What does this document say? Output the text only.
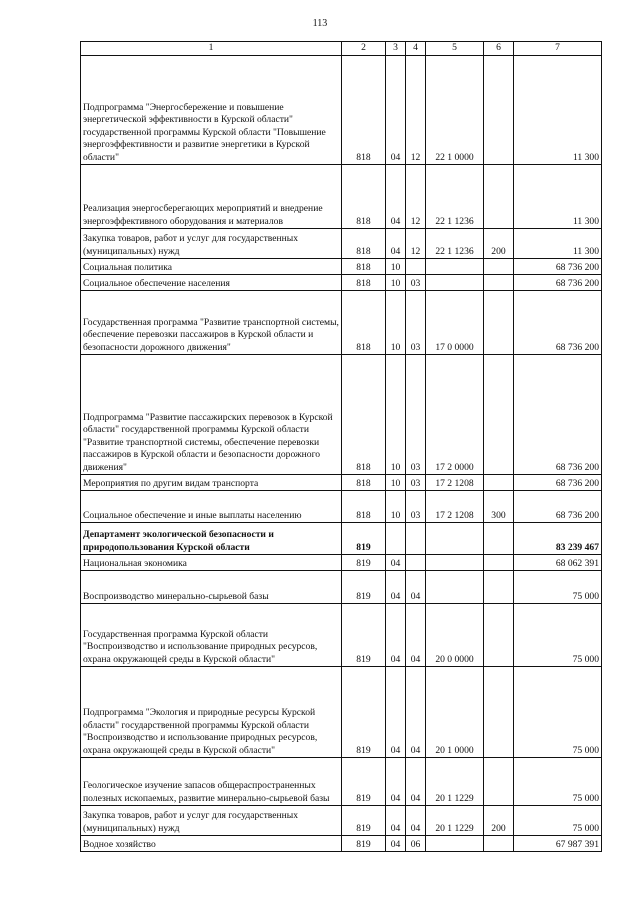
113
1	2	3	4	5	6	7
Подпрограмма "Энергосбережение и повышение энергетической эффективности в Курской области" государственной программы Курской области "Повышение энергоэффективности и развитие энергетики в Курской области"	818	04	12	22 1 0000		11 300
Реализация энергосберегающих мероприятий и внедрение энергоэффективного оборудования и материалов	818	04	12	22 1 1236		11 300
Закупка товаров, работ и услуг для государственных (муниципальных) нужд	818	04	12	22 1 1236	200	11 300
Социальная политика	818	10				68 736 200
Социальное обеспечение населения	818	10	03			68 736 200
Государственная программа "Развитие транспортной системы, обеспечение перевозки пассажиров в Курской области и безопасности дорожного движения"	818	10	03	17 0 0000		68 736 200
Подпрограмма "Развитие пассажирских перевозок в Курской области" государственной программы Курской области "Развитие транспортной системы, обеспечение перевозки пассажиров в Курской области и безопасности дорожного движения"	818	10	03	17 2 0000		68 736 200
Мероприятия по другим видам транспорта	818	10	03	17 2 1208		68 736 200
Социальное обеспечение и иные выплаты населению	818	10	03	17 2 1208	300	68 736 200
Департамент экологической безопасности и природопользования Курской области	819					83 239 467
Национальная экономика	819	04				68 062 391
Воспроизводство минерально-сырьевой базы	819	04	04			75 000
Государственная программа Курской области "Воспроизводство и использование природных ресурсов, охрана окружающей среды в Курской области"	819	04	04	20 0 0000		75 000
Подпрограмма "Экология и природные ресурсы Курской области" государственной программы Курской области "Воспроизводство и использование природных ресурсов, охрана окружающей среды в Курской области"	819	04	04	20 1 0000		75 000
Геологическое изучение запасов общераспространенных полезных ископаемых, развитие минерально-сырьевой базы	819	04	04	20 1 1229		75 000
Закупка товаров, работ и услуг для государственных (муниципальных) нужд	819	04	04	20 1 1229	200	75 000
Водное хозяйство	819	04	06			67 987 391
